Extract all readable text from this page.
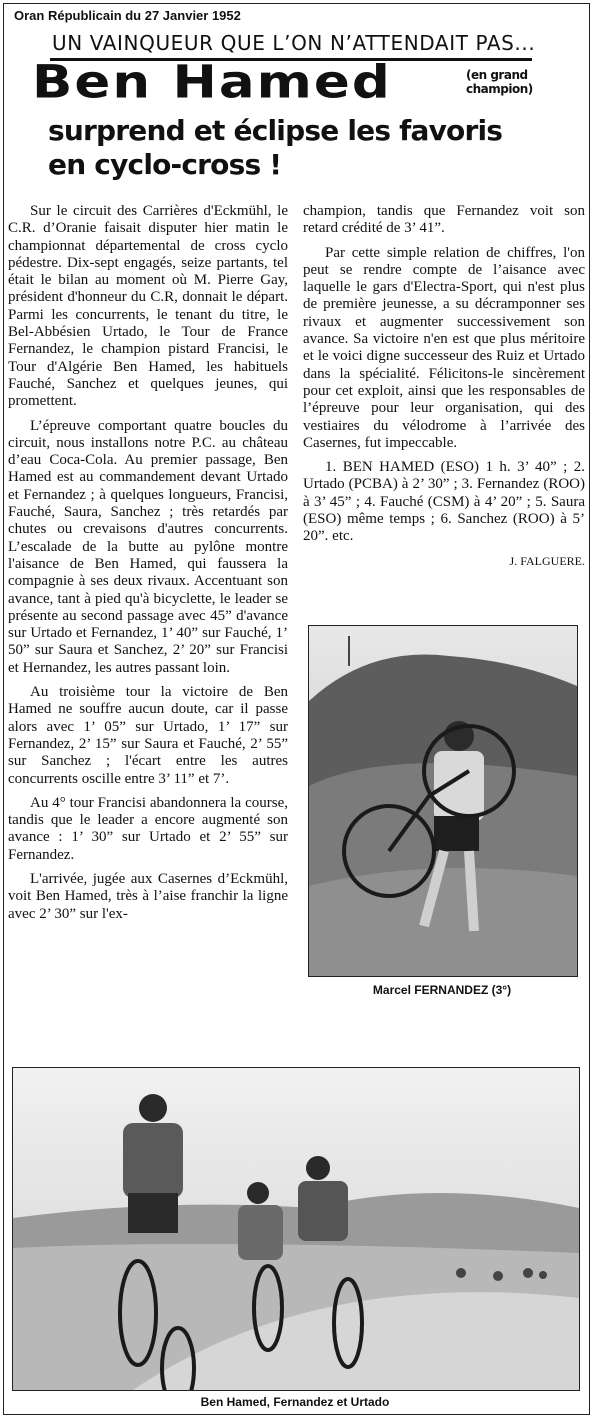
Oran Républicain du 27 Janvier 1952
UN VAINQUEUR QUE L’ON N’ATTENDAIT PAS...
Ben Hamed	(en grand champion)
surprend et éclipse les favoris en cyclo-cross !

Sur le circuit des Carrières d'Eckmühl, le C.R. d’Oranie faisait disputer hier matin le championnat départemental de cross cyclo pédestre. Dix-sept engagés, seize partants, tel était le bilan au moment où M. Pierre Gay, président d'honneur du C.R, donnait le départ. Parmi les concurrents, le tenant du titre, le Bel-Abbésien Urtado, le Tour de France Fernandez, le champion pistard Francisi, le Tour d'Algérie Ben Hamed, les habituels Fauché, Sanchez et quelques jeunes, qui promettent.

L’épreuve comportant quatre boucles du circuit, nous installons notre P.C. au château d’eau Coca-Cola. Au premier passage, Ben Hamed est au commandement devant Urtado et Fernandez ; à quelques longueurs, Francisi, Fauché, Saura, Sanchez ; très retardés par chutes ou crevaisons d'autres concurrents. L’escalade de la butte au pylône montre l'aisance de Ben Hamed, qui faussera la compagnie à ses deux rivaux. Accentuant son avance, tant à pied qu'à bicyclette, le leader se présente au second passage avec 45” d'avance sur Urtado et Fernandez, 1’ 40” sur Fauché, 1’ 50” sur Saura et Sanchez, 2’ 20” sur Francisi et Hernandez, les autres passant loin.

Au troisième tour la victoire de Ben Hamed ne souffre aucun doute, car il passe alors avec 1’ 05” sur Urtado, 1’ 17” sur Fernandez, 2’ 15” sur Saura et Fauché, 2’ 55” sur Sanchez ; l'écart entre les autres concurrents oscille entre 3’ 11” et 7’.

Au 4° tour Francisi abandonnera la course, tandis que le leader a encore augmenté son avance : 1’ 30” sur Urtado et 2’ 55” sur Fernandez.

L'arrivée, jugée aux Casernes d’Eckmühl, voit Ben Hamed, très à l’aise franchir la ligne avec 2’ 30” sur l'ex-

champion, tandis que Fernandez voit son retard crédité de 3’ 41”.

Par cette simple relation de chiffres, l'on peut se rendre compte de l’aisance avec laquelle le gars d'Electra-Sport, qui n'est plus de première jeunesse, a su décramponner ses rivaux et augmenter successivement son avance. Sa victoire n'en est que plus méritoire et le voici digne successeur des Ruiz et Urtado dans la spécialité. Félicitons-le sincèrement pour cet exploit, ainsi que les responsables de l’épreuve pour leur organisation, qui des vestiaires du vélodrome à l’arrivée des Casernes, fut impeccable.

1. BEN HAMED (ESO) 1 h. 3’ 40” ; 2. Urtado (PCBA) à 2’ 30” ; 3. Fernandez (ROO) à 3’ 45” ; 4. Fauché (CSM) à 4’ 20” ; 5. Saura (ESO) même temps ; 6. Sanchez (ROO) à 5’ 20”. etc.

J. FALGUERE.

Marcel FERNANDEZ (3°)
Ben Hamed, Fernandez et Urtado
